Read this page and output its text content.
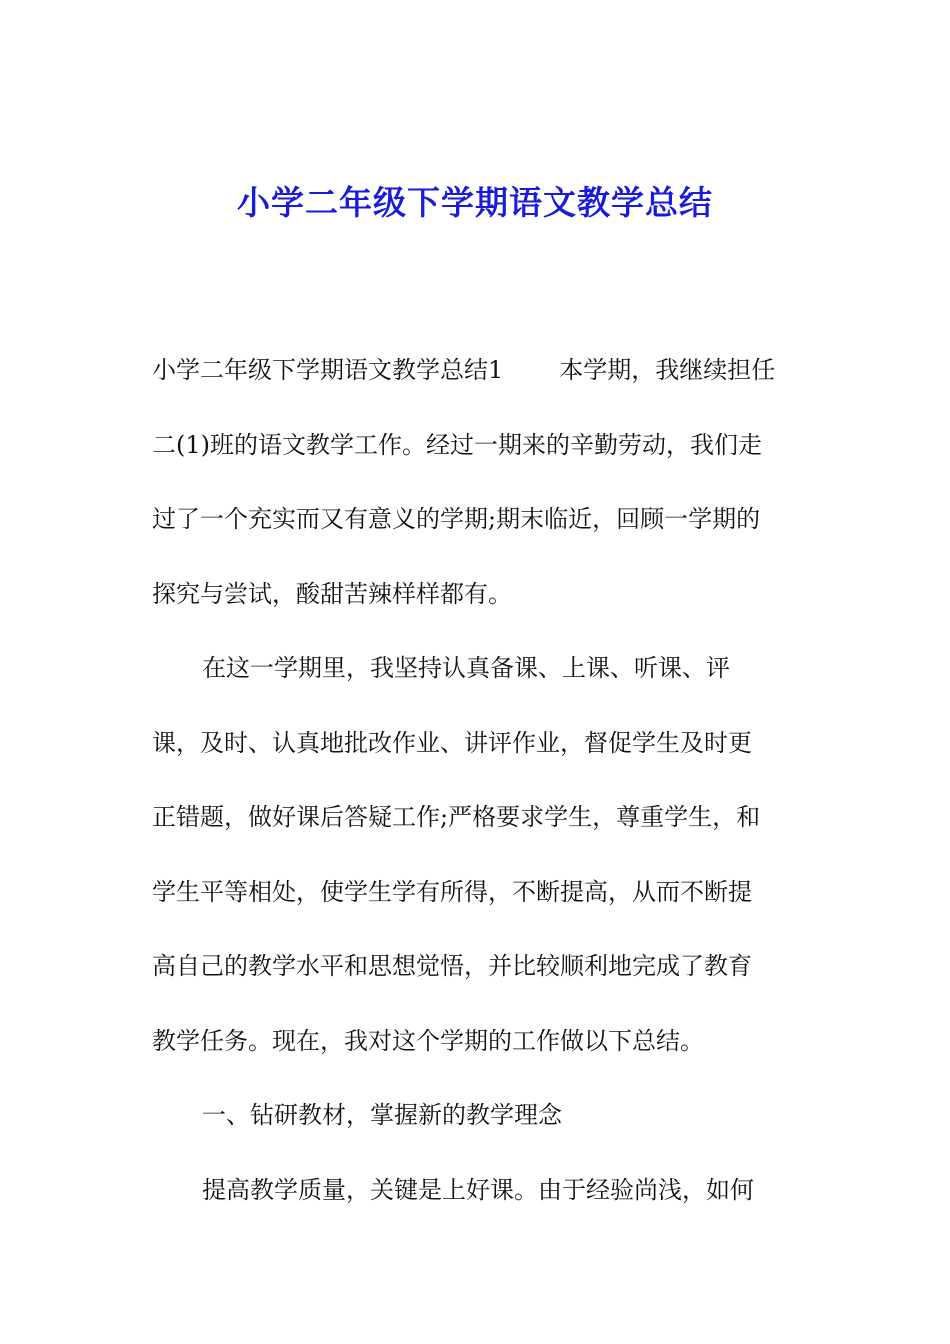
小学二年级下学期语文教学总结
小学二年级下学期语文教学总结1 本学期，我继续担任
二(1)班的语文教学工作。经过一期来的辛勤劳动，我们走
过了一个充实而又有意义的学期;期末临近，回顾一学期的
探究与尝试，酸甜苦辣样样都有。
在这一学期里，我坚持认真备课、上课、听课、评
课，及时、认真地批改作业、讲评作业，督促学生及时更
正错题，做好课后答疑工作;严格要求学生，尊重学生，和
学生平等相处，使学生学有所得，不断提高，从而不断提
高自己的教学水平和思想觉悟，并比较顺利地完成了教育
教学任务。现在，我对这个学期的工作做以下总结。
一、钻研教材，掌握新的教学理念
提高教学质量，关键是上好课。由于经验尚浅，如何
